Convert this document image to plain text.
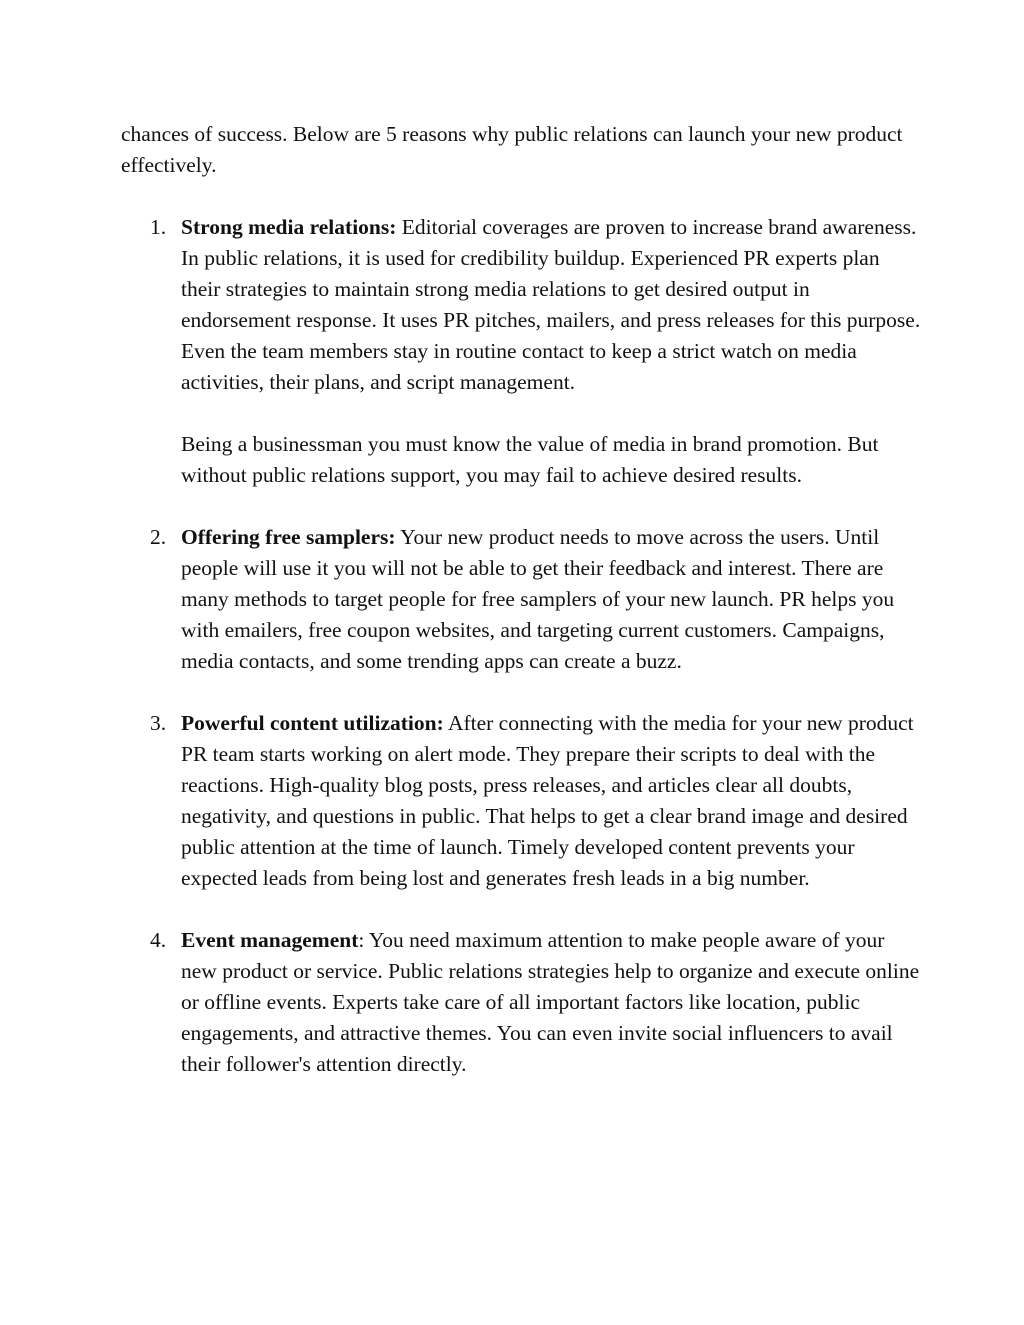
chances of success. Below are 5 reasons why public relations can launch your new product effectively.

1. Strong media relations: Editorial coverages are proven to increase brand awareness. In public relations, it is used for credibility buildup. Experienced PR experts plan their strategies to maintain strong media relations to get desired output in endorsement response. It uses PR pitches, mailers, and press releases for this purpose. Even the team members stay in routine contact to keep a strict watch on media activities, their plans, and script management.

Being a businessman you must know the value of media in brand promotion. But without public relations support, you may fail to achieve desired results.

2. Offering free samplers: Your new product needs to move across the users. Until people will use it you will not be able to get their feedback and interest. There are many methods to target people for free samplers of your new launch. PR helps you with emailers, free coupon websites, and targeting current customers. Campaigns, media contacts, and some trending apps can create a buzz.

3. Powerful content utilization: After connecting with the media for your new product PR team starts working on alert mode. They prepare their scripts to deal with the reactions. High-quality blog posts, press releases, and articles clear all doubts, negativity, and questions in public. That helps to get a clear brand image and desired public attention at the time of launch. Timely developed content prevents your expected leads from being lost and generates fresh leads in a big number.

4. Event management: You need maximum attention to make people aware of your new product or service. Public relations strategies help to organize and execute online or offline events. Experts take care of all important factors like location, public engagements, and attractive themes. You can even invite social influencers to avail their follower's attention directly.
